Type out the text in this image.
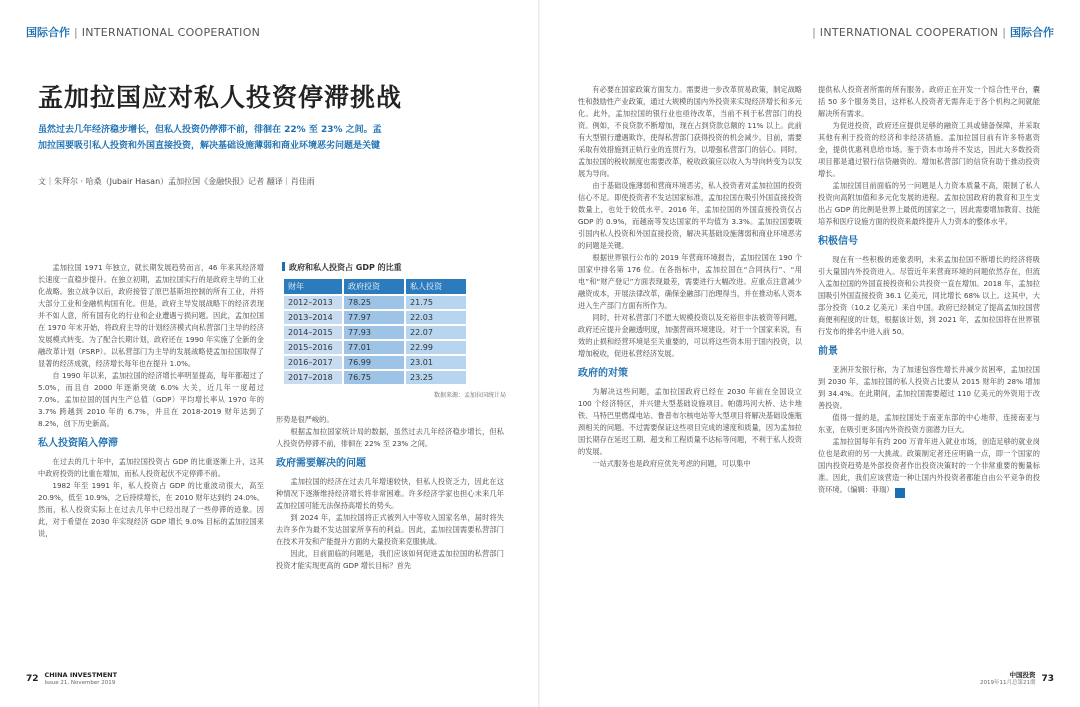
国际合作 | INTERNATIONAL COOPERATION
孟加拉国应对私人投资停滞挑战
虽然过去几年经济稳步增长，但私人投资仍停滞不前，徘徊在 22% 至 23% 之间。孟加拉国要吸引私人投资和外国直接投资，解决基础设施薄弱和商业环境恶劣问题是关键
文｜朱拜尔 · 哈桑（Jubair Hasan）孟加拉国《金融快报》记者 翻译｜肖佳雨

孟加拉国 1971 年独立，就长期发展趋势而言，46 年来其经济增长速度一直稳步提升。在独立初期，孟加拉国实行的是政府主导的工业化战略。独立战争以后，政府接管了原巴基斯坦控制的所有工业，并将大部分工业和金融机构国有化。但是，政府主导发展战略下的经济表现并不如人意，所有国有化的行业和企业遭遇亏损问题。因此，孟加拉国在 1970 年末开始，将政府主导的计划经济模式向私营部门主导的经济发展模式转变。为了配合长期计划，政府还在 1990 年实施了全新的金融改革计划（FSRP）。以私营部门为主导的发展战略使孟加拉国取得了显著的经济成就，经济增长每年也在提升 1.0%。

自 1990 年以来，孟加拉国的经济增长率明显提高，每年都超过了 5.0%，而且自 2000 年逐渐突破 6.0% 大关，近几年一度超过 7.0%。孟加拉国的国内生产总值（GDP）平均增长率从 1970 年的 3.7% 跨越到 2010 年的 6.7%，并且在 2018-2019 财年达到了 8.2%，创下历史新高。

私人投资陷入停滞

在过去的几十年中，孟加拉国投资占 GDP 的比重逐渐上升，这其中政府投资的比重在增加，而私人投资起伏不定停滞不前。

1982 年至 1991 年，私人投资占 GDP 的比重波动很大，高至 20.9%，低至 10.9%，之后持续增长，在 2010 财年达到约 24.0%。然而，私人投资实际上在过去几年中已经出现了一些停滞的迹象。因此，对于希望在 2030 年实现经济 GDP 增长 9.0% 目标的孟加拉国来说，

政府和私人投资占 GDP 的比重
财年	政府投资	私人投资
2012–2013	78.25	21.75
2013–2014	77.97	22.03
2014–2015	77.93	22.07
2015–2016	77.01	22.99
2016–2017	76.99	23.01
2017–2018	76.75	23.25
数据来源：孟加拉国统计局

形势是很严峻的。

根据孟加拉国家统计局的数据，虽然过去几年经济稳步增长，但私人投资仍停滞不前，徘徊在 22% 至 23% 之间。

政府需要解决的问题

孟加拉国的经济在过去几年增速较快，但私人投资乏力，因此在这种情况下逐渐维持经济增长将非常困难。许多经济学家也担心未来几年孟加拉国可能无法保持高增长的势头。

到 2024 年，孟加拉国将正式被列入中等收入国家名单，届时将失去许多作为最不发达国家所享有的利益。因此，孟加拉国需要私营部门在技术开发和产能提升方面的大量投资来克服挑战。

因此，目前面临的问题是，我们应该如何促进孟加拉国的私营部门投资才能实现更高的 GDP 增长目标？首先

72 CHINA INVESTMENT
Issue 21, November 2019
| INTERNATIONAL COOPERATION | 国际合作

有必要在国家政策方面发力。需要进一步改革贸易政策，制定战略性和鼓励性产业政策，通过大规模的国内外投资来实现经济增长和多元化。此外，孟加拉国的银行业也亟待改革，当前不利于私营部门的投资。例如，不良贷款不断增加，现在占到贷款总额的 11% 以上。此前有大型银行遭遇欺诈，使得私营部门获得投资的机会减少。目前，需要采取有效措施到正轨行业的连贯行为，以增强私营部门的信心。同时，孟加拉国的税收制度也需要改革，税收政策应以收入为导向转变为以发展为导向。

由于基础设施薄弱和营商环境恶劣，私人投资者对孟加拉国的投资信心不足。即使投资者不发达国家标准，孟加拉国在吸引外国直接投资数量上，也处于较低水平。2016 年，孟加拉国的外国直接投资仅占 GDP 的 0.9%，而越南等发达国家的平均值为 3.3%。孟加拉国要吸引国内私人投资和外国直接投资，解决其基础设施薄弱和商业环境恶劣的问题是关键。

根据世界银行公布的 2019 年营商环境报告，孟加拉国在 190 个国家中排名第 176 位。在各指标中，孟加拉国在“合同执行”、“用电”和“财产登记”方面表现最差，需要进行大幅改进。应重点注意减少融资成本，开展法律改革，确保金融部门治理得当，并在推动私人资本进入生产部门方面有所作为。

同时，针对私营部门不愿大规模投资以及充裕但非法被资等问题，政府还应提升金融透明度，加强营商环境建设。对于一个国家来说，有效的止损和经营环境是至关重要的，可以将这些资本用于国内投资，以增加税收，促进私营经济发展。

政府的对策

为解决这些问题，孟加拉国政府已经在 2030 年前在全国设立 100 个经济特区，并兴建大型基础设施项目。帕德玛河大桥、达卡地铁、马特巴里燃煤电站、鲁普布尔核电站等大型项目将解决基础设施瓶颈相关的问题。不过需要保证这些项目完成的速度和质量，因为孟加拉国长期存在延迟工期、超支和工程质量不达标等问题，不利于私人投资的发展。

一站式服务也是政府应优先考虑的问题，可以集中

提供私人投资者所需的所有服务。政府正在开发一个综合性平台，囊括 50 多个服务类目，这样私人投资者无需奔走于各个机构之间就能解决所有需求。

为促进投资，政府还应提供足够的融资工具或储备保障，并采取其他有利于投资的经济和非经济措施。孟加拉国目前有许多特惠资金，提供优惠利息给市场。鉴于资本市场并不发达，因此大多数投资项目都是通过银行信贷融资的。增加私营部门的信贷有助于推动投资增长。

孟加拉国目前面临的另一问题是人力资本质量不高，限制了私人投资向高附加值和多元化发展的进程。孟加拉国政府的教育和卫生支出占 GDP 的比例是世界上最低的国家之一，因此需要增加教育、技能培养和医疗设施方面的投资来最终提升人力资本的整体水平。

积极信号

现在有一些积极的迹象表明，未来孟加拉国不断增长的经济将吸引大量国内外投资进入。尽管近年来营商环境的问题依然存在，但流入孟加拉国的外国直接投资和公共投资一直在增加。2018 年，孟加拉国吸引外国直接投资 36.1 亿美元，同比增长 68% 以上。这其中，大部分投资（10.2 亿美元）来自中国。政府已经制定了提高孟加拉国营商便利程度的计划，根据该计划，到 2021 年，孟加拉国将在世界银行发布的排名中进入前 50。

前景

亚洲开发银行称，为了加速包容性增长并减少贫困率，孟加拉国到 2030 年，孟加拉国的私人投资占比要从 2015 财年的 28% 增加到 34.4%。在此期间，孟加拉国需要超过 110 亿美元的外资用于改善投资。

值得一提的是，孟加拉国处于南亚东部的中心地带，连接南亚与东亚，在吸引更多国内外资投资方面潜力巨大。

孟加拉国每年有约 200 万青年进入就业市场，创造足够的就业岗位也是政府的另一大挑战。政策制定者还应明确一点，即一个国家的国内投资趋势是外部投资者作出投资决策时的一个非常重要的衡量标准。因此，我们应该营造一种让国内外投资者都能自由公平竞争的投资环境。（编辑：菲瑞）	CI

中国投资
2019年11月总第21期 73
